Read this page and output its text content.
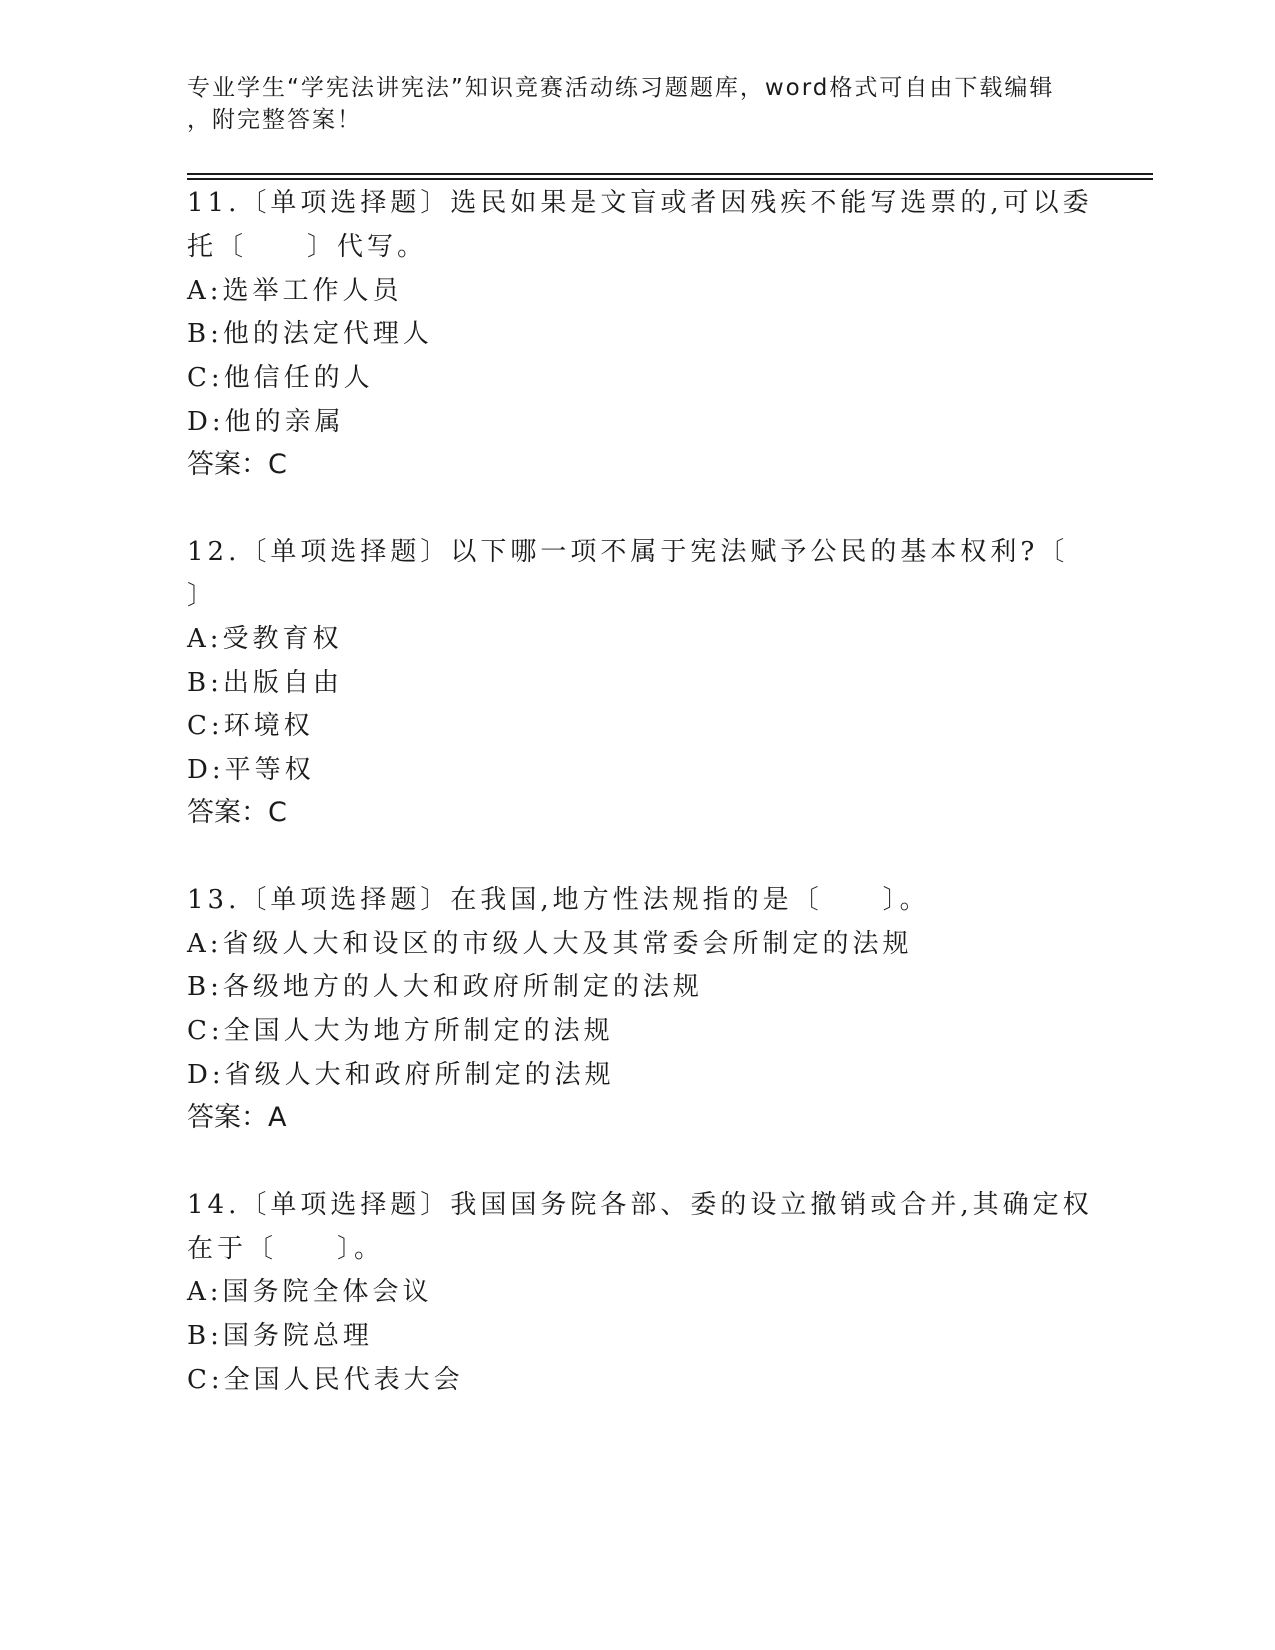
专业学生“学宪法讲宪法”知识竞赛活动练习题题库，word格式可自由下载编辑
，附完整答案！
11.〔单项选择题〕选民如果是文盲或者因残疾不能写选票的,可以委
托〔　　〕代写。
A:选举工作人员
B:他的法定代理人
C:他信任的人
D:他的亲属
答案：C
12.〔单项选择题〕以下哪一项不属于宪法赋予公民的基本权利?〔
〕
A:受教育权
B:出版自由
C:环境权
D:平等权
答案：C
13.〔单项选择题〕在我国,地方性法规指的是〔　　〕。
A:省级人大和设区的市级人大及其常委会所制定的法规
B:各级地方的人大和政府所制定的法规
C:全国人大为地方所制定的法规
D:省级人大和政府所制定的法规
答案：A
14.〔单项选择题〕我国国务院各部、委的设立撤销或合并,其确定权
在于〔　　〕。
A:国务院全体会议
B:国务院总理
C:全国人民代表大会
